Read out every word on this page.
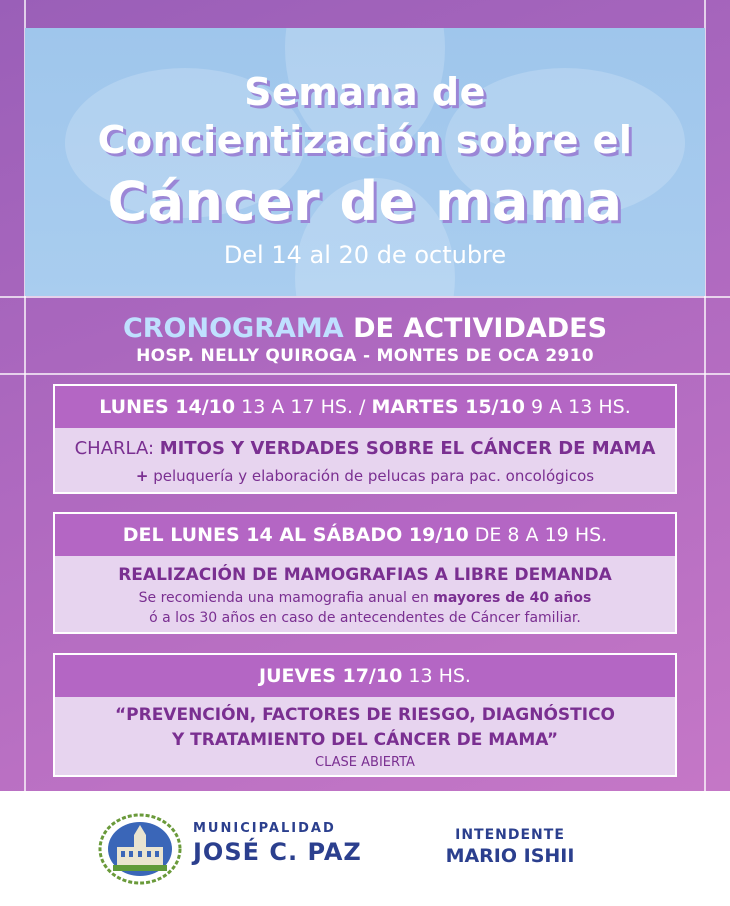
Semana de
Concientización sobre el
Cáncer de mama
Del 14 al 20 de octubre
CRONOGRAMA DE ACTIVIDADES
HOSP. NELLY QUIROGA - MONTES DE OCA 2910
LUNES 14/10 13 A 17 HS. / MARTES 15/10 9 A 13 HS.
CHARLA: MITOS Y VERDADES SOBRE EL CÁNCER DE MAMA
+ peluquería y elaboración de pelucas para pac. oncológicos
DEL LUNES 14 AL SÁBADO 19/10 DE 8 A 19 HS.
REALIZACIÓN DE MAMOGRAFIAS A LIBRE DEMANDA
Se recomienda una mamografia anual en mayores de 40 años
ó a los 30 años en caso de antecendentes de Cáncer familiar.
JUEVES 17/10 13 HS.
“PREVENCIÓN, FACTORES DE RIESGO, DIAGNÓSTICO
Y TRATAMIENTO DEL CÁNCER DE MAMA”
CLASE ABIERTA
MUNICIPALIDAD
JOSÉ C. PAZ
INTENDENTE
MARIO ISHII
